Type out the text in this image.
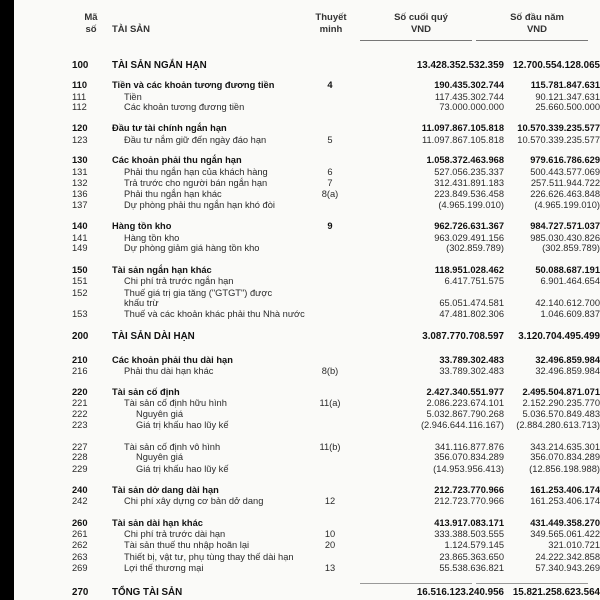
Mã
số	TÀI SẢN
Thuyết
minh
Số cuối quý
VND
Số đầu năm
VND
100	TÀI SẢN NGẮN HẠN	13.428.352.532.359 12.700.554.128.065
110	Tiền và các khoản tương đương tiền	4	190.435.302.744	115.781.847.631
111	Tiền	117.435.302.744	90.121.347.631
112	Các khoản tương đương tiền	73.000.000.000	25.660.500.000
120	Đầu tư tài chính ngắn hạn	11.097.867.105.818 10.570.339.235.577
123	Đầu tư nắm giữ đến ngày đáo hạn	5	11.097.867.105.818 10.570.339.235.577
130	Các khoản phải thu ngắn hạn	1.058.372.463.968	979.616.786.629
131	Phải thu ngắn hạn của khách hàng	6	527.056.235.337	500.443.577.069
132	Trả trước cho người bán ngắn hạn	7	312.431.891.183	257.511.944.722
136	Phải thu ngắn hạn khác	8(a)	223.849.536.458	226.626.463.848
137	Dự phòng phải thu ngắn hạn khó đòi	(4.965.199.010)	(4.965.199.010)
140	Hàng tồn kho	9	962.726.631.367	984.727.571.037
141	Hàng tồn kho	963.029.491.156	985.030.430.826
149	Dự phòng giảm giá hàng tồn kho	(302.859.789)	(302.859.789)
150	Tài sản ngắn hạn khác	118.951.028.462	50.088.687.191
151	Chi phí trả trước ngắn hạn	6.417.751.575	6.901.464.654
152	Thuế giá trị gia tăng ("GTGT") được
khấu trừ	65.051.474.581	42.140.612.700
153	Thuế và các khoản khác phải thu Nhà nước	47.481.802.306	1.046.609.837
200	TÀI SẢN DÀI HẠN	3.087.770.708.597 3.120.704.495.499
210	Các khoản phải thu dài hạn	33.789.302.483	32.496.859.984
216	Phải thu dài hạn khác	8(b)	33.789.302.483	32.496.859.984
220	Tài sản cố định	2.427.340.551.977 2.495.504.871.071
221	Tài sản cố định hữu hình	11(a)	2.086.223.674.101 2.152.290.235.770
222	Nguyên giá	5.032.867.790.268 5.036.570.849.483
223	Giá trị khấu hao lũy kế	(2.946.644.116.167) (2.884.280.613.713)
227	Tài sản cố định vô hình	11(b)	341.116.877.876	343.214.635.301
228	Nguyên giá	356.070.834.289	356.070.834.289
229	Giá trị khấu hao lũy kế	(14.953.956.413)	(12.856.198.988)
240	Tài sản dở dang dài hạn	212.723.770.966	161.253.406.174
242	Chi phí xây dựng cơ bản dở dang	12	212.723.770.966	161.253.406.174
260	Tài sản dài hạn khác	413.917.083.171	431.449.358.270
261	Chi phí trả trước dài hạn	10	333.388.503.555	349.565.061.422
262	Tài sản thuế thu nhập hoãn lại	20	1.124.579.145	321.010.721
263	Thiết bị, vật tư, phụ tùng thay thế dài hạn	23.865.363.650	24.222.342.858
269	Lợi thế thương mại	13	55.538.636.821	57.340.943.269
270	TỔNG TÀI SẢN	16.516.123.240.956 15.821.258.623.564
